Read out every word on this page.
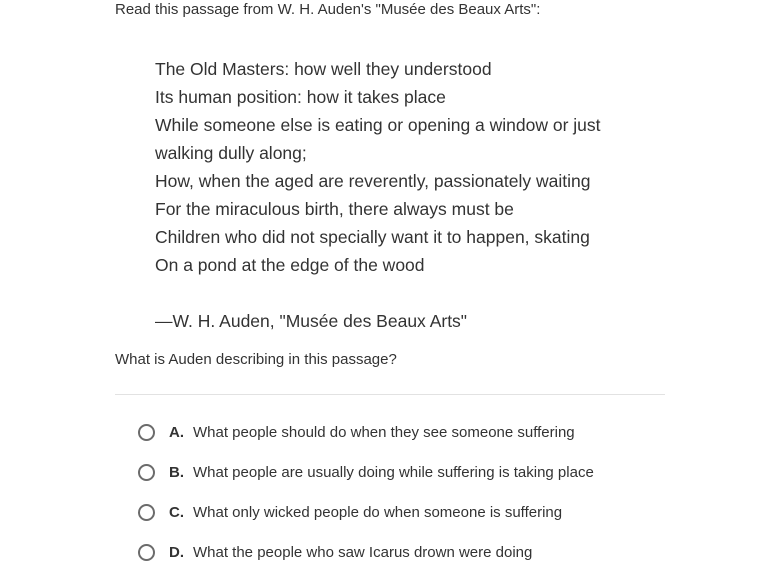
Read this passage from W. H. Auden's "Musée des Beaux Arts":
The Old Masters: how well they understood
Its human position: how it takes place
While someone else is eating or opening a window or just
walking dully along;
How, when the aged are reverently, passionately waiting
For the miraculous birth, there always must be
Children who did not specially want it to happen, skating
On a pond at the edge of the wood
—W. H. Auden, "Musée des Beaux Arts"
What is Auden describing in this passage?
A. What people should do when they see someone suffering
B. What people are usually doing while suffering is taking place
C. What only wicked people do when someone is suffering
D. What the people who saw Icarus drown were doing
